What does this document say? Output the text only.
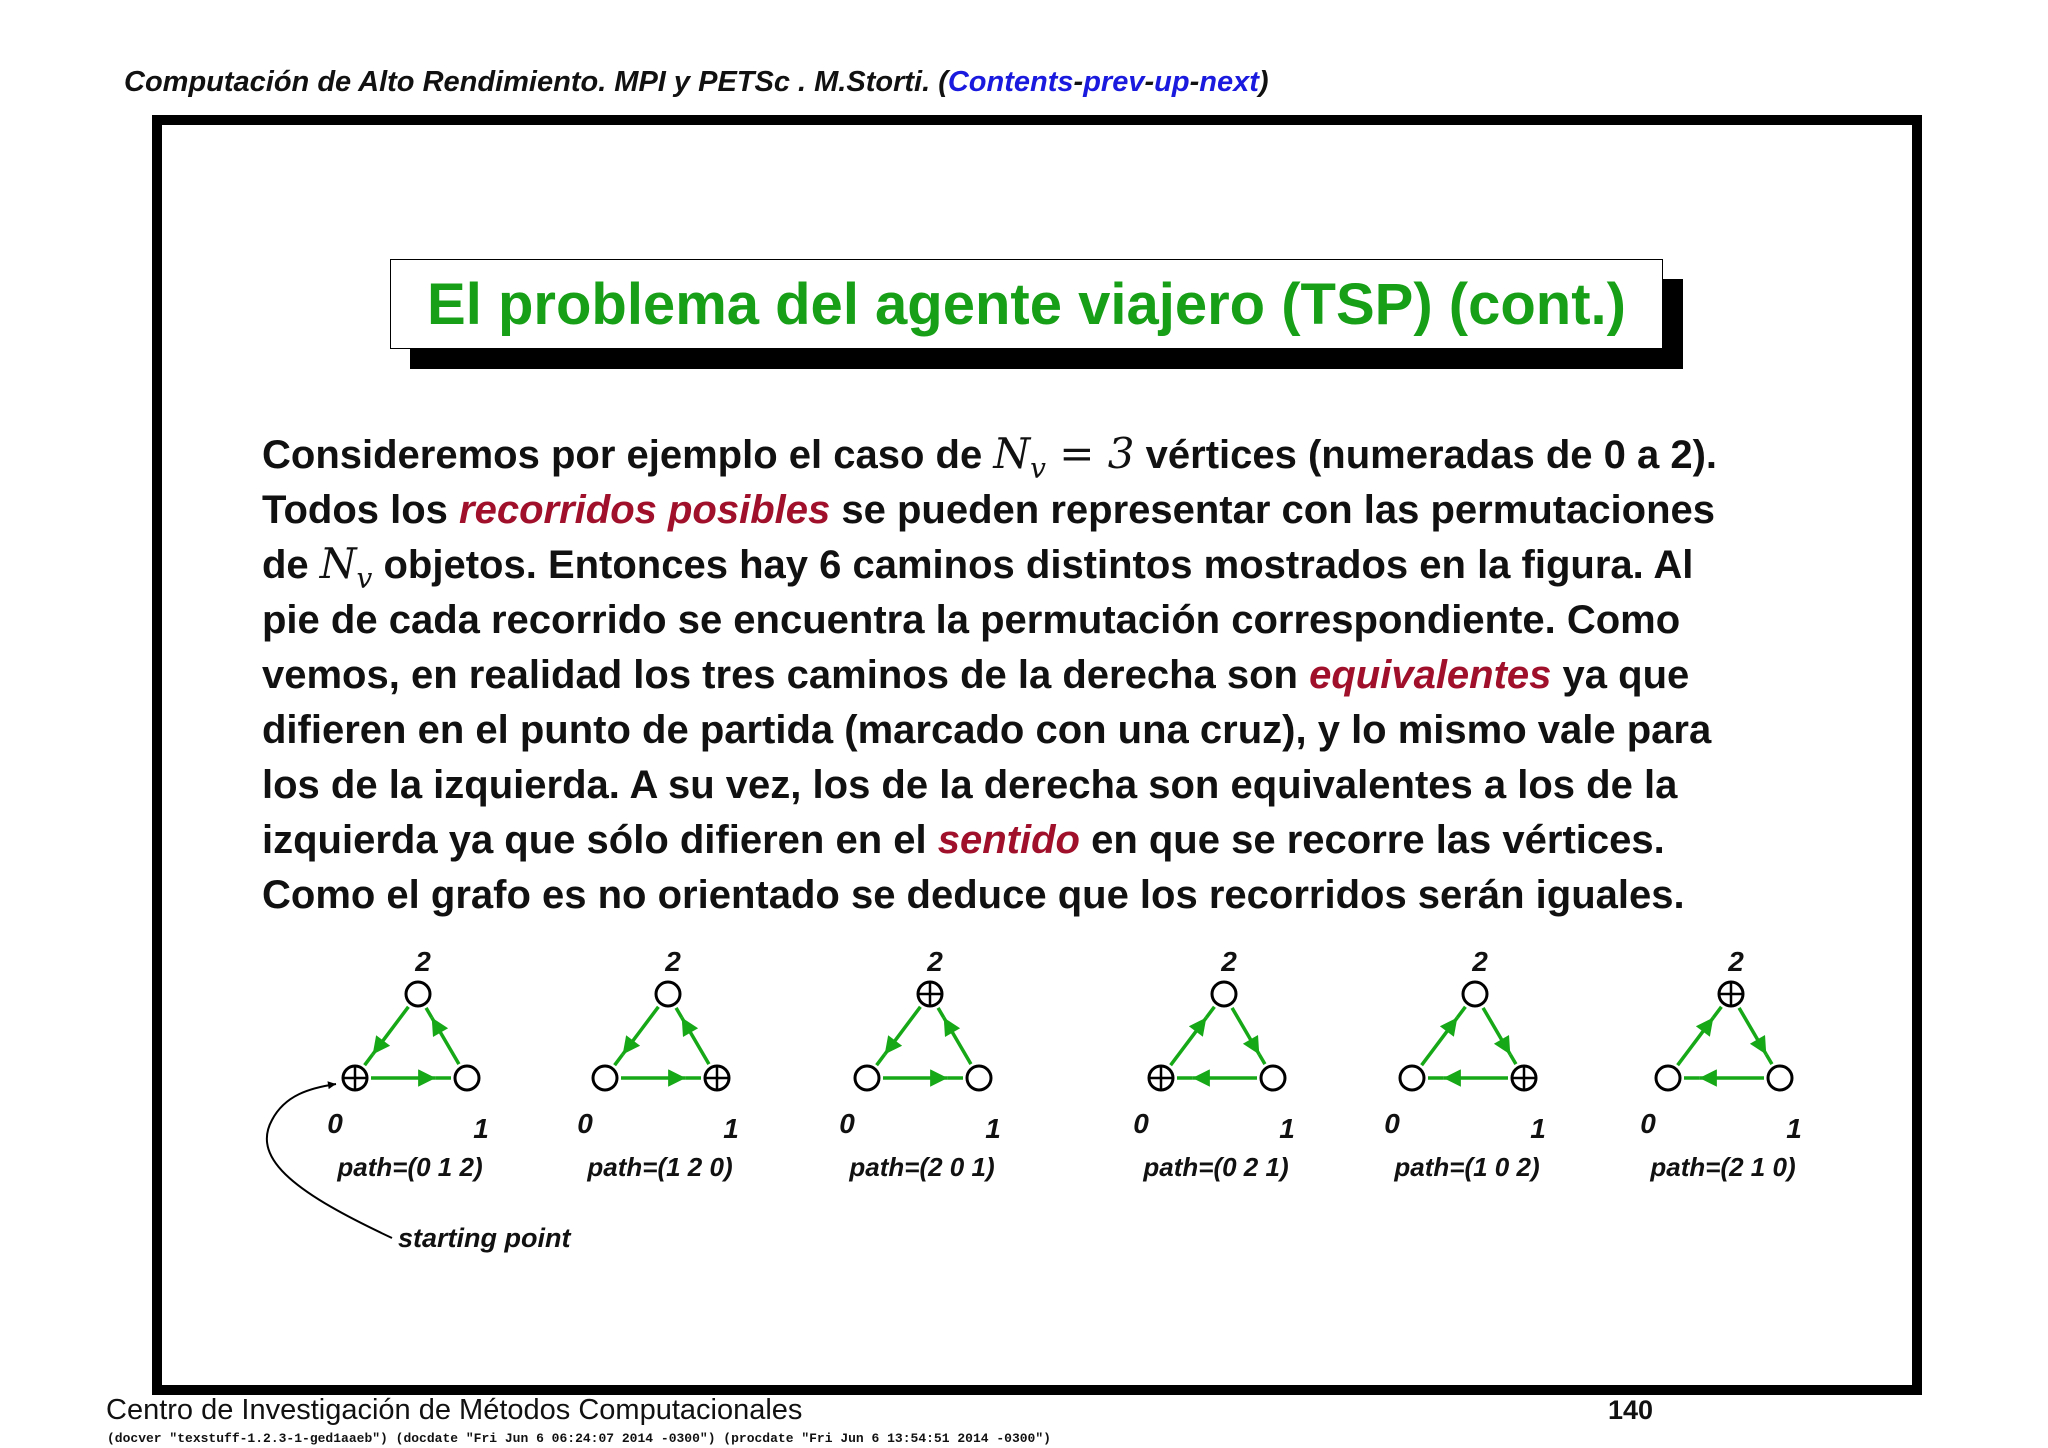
Computación de Alto Rendimiento. MPI y PETSc . M.Storti. (Contents-prev-up-next)
El problema del agente viajero (TSP) (cont.)
Consideremos por ejemplo el caso de $N_v = 3$ vértices (numeradas de 0 a 2).
Todos los recorridos posibles se pueden representar con las permutaciones
de $N_v$ objetos. Entonces hay 6 caminos distintos mostrados en la figura. Al
pie de cada recorrido se encuentra la permutación correspondiente. Como
vemos, en realidad los tres caminos de la derecha son equivalentes ya que
difieren en el punto de partida (marcado con una cruz), y lo mismo vale para
los de la izquierda. A su vez, los de la derecha son equivalentes a los de la
izquierda ya que sólo difieren en el sentido en que se recorre las vértices.
Como el grafo es no orientado se deduce que los recorridos serán iguales.
0	1
2
path=(0 1 2)
0	1
2
path=(1 2 0)
0	1
2
path=(2 0 1)
0	1
2
path=(0 2 1)
0	1
2
path=(1 0 2)
0	1
2
path=(2 1 0)
starting point
Centro de Investigación de Métodos Computacionales	140
(docver "texstuff-1.2.3-1-ged1aaeb") (docdate "Fri Jun 6 06:24:07 2014 -0300") (procdate "Fri Jun 6 13:54:51 2014 -0300")
